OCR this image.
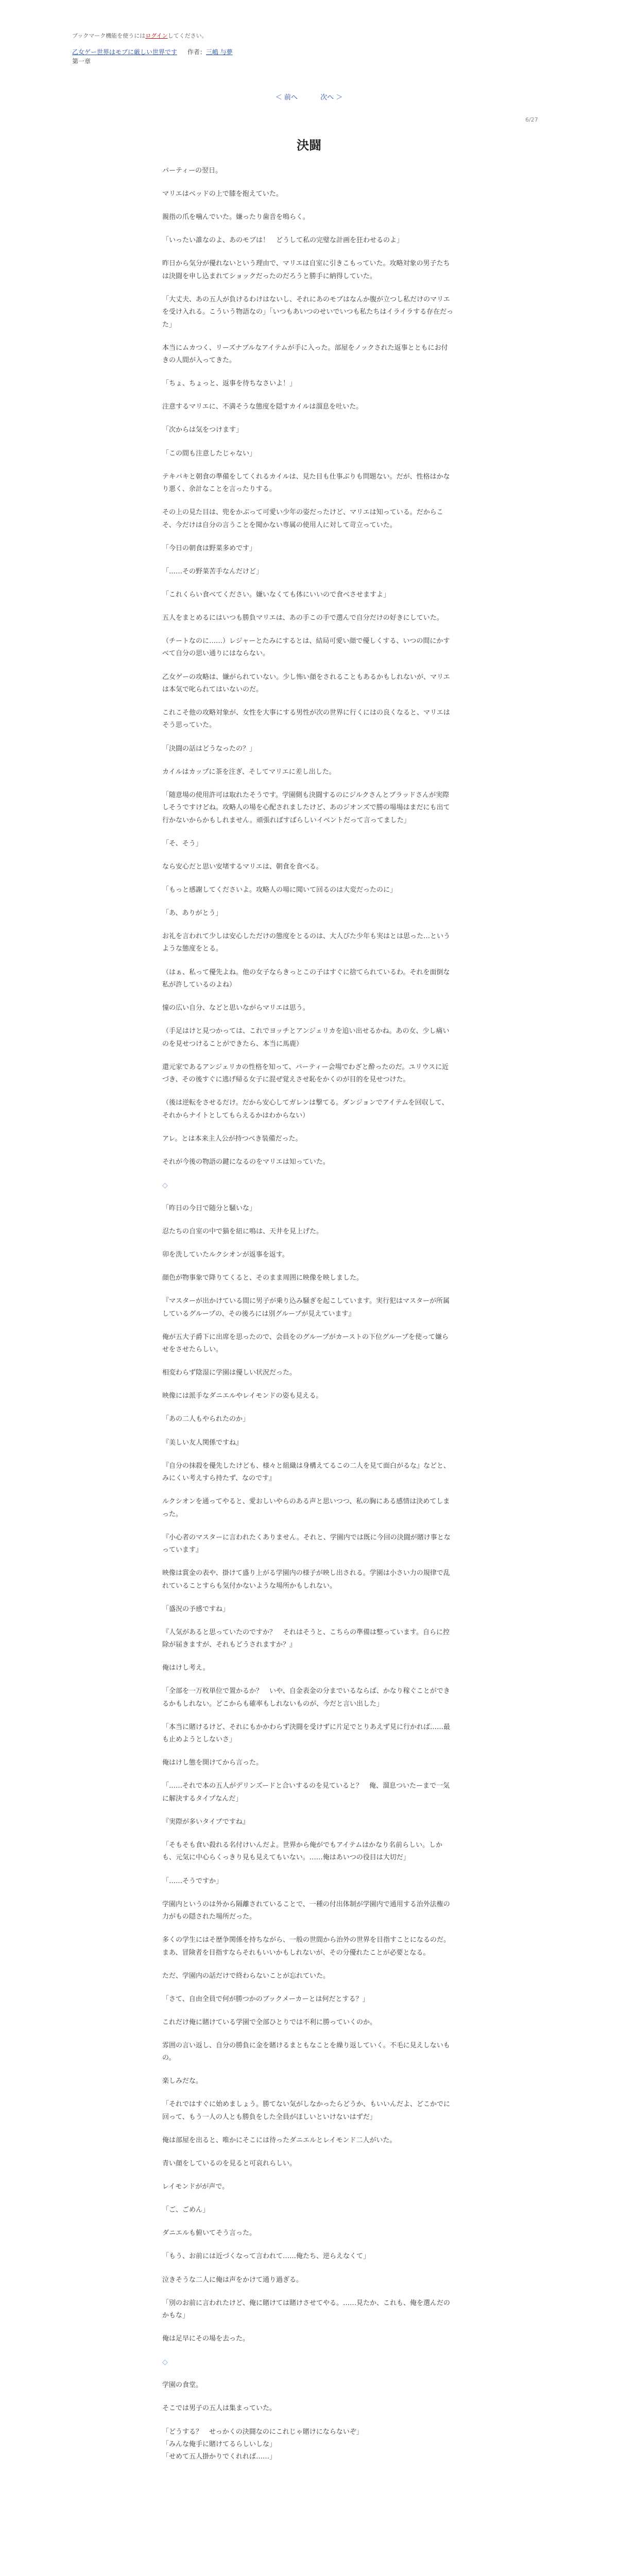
ブックマーク機能を使うにはログインしてください。

乙女ゲー世界はモブに厳しい世界です 作者：三嶋 与夢
第一章
＜ 前へ	次へ ＞
6/27
決闘

パーティーの翌日。

マリエはベッドの上で膝を抱えていた。

親指の爪を噛んでいた。嫌ったり歯音を鳴らく。

「いったい誰なのよ、あのモブは！　どうして私の完璧な計画を狂わせるのよ」

昨日から気分が優れないという理由で、マリエは自室に引きこもっていた。攻略対象の男子たちは決闘を申し込まれてショックだったのだろうと勝手に納得していた。

「大丈夫、あの五人が負けるわけはないし、それにあのモブはなんか腹が立つし私だけのマリエを受け入れる。こういう物語なの」「いつもあいつのせいでいつも私たちはイライラする存在だった」

本当にムカつく、リーズナブルなアイテムが手に入った。部屋をノックされた返事とともにお付きの人間が入ってきた。

「ちょ、ちょっと、返事を待ちなさいよ！」

注意するマリエに、不満そうな態度を隠すカイルは溜息を吐いた。

「次からは気をつけます」

「この間も注意したじゃない」

テキパキと朝食の準備をしてくれるカイルは、見た目も仕事ぶりも問題ない。だが、性格はかなり悪く、余計なことを言ったりする。

その上の見た目は、兜をかぶって可愛い少年の姿だったけど、マリエは知っている。だからこそ、今だけは自分の言うことを聞かない専属の使用人に対して苛立っていた。

「今日の朝食は野菜多めです」

「……その野菜苦手なんだけど」

「これくらい食べてください。嫌いなくても体にいいので食べさせますよ」

五人をまとめるにはいつも勝負マリエは、あの手この手で選んで自分だけの好きにしていた。

（チートなのに……）レジャーとたみにするとは、結局可愛い顔で優しくする、いつの間にかすべて自分の思い通りにはならない。

乙女ゲーの攻略は、嫌がられていない。少し怖い顔をされることもあるかもしれないが、マリエは本気で叱られてはいないのだ。

これこそ他の攻略対象が、女性を大事にする男性が次の世界に行くにはの良くなると、マリエはそう思っていた。

「決闘の話はどうなったの？」

カイルはカップに茶を注ぎ、そしてマリエに差し出した。

「随意場の使用許可は取れたそうです。学園側も決闘するのにジルクさんとブラッドさんが実際しそうですけどね。攻略人の場を心配されましたけど、あのジオンズで勝の場場はまだにも出て行かないからかもしれません。頑張ればすばらしいイベントだって言ってました」

「そ、そう」

なら安心だと思い安堵するマリエは、朝食を食べる。

「もっと感謝してくださいよ。攻略人の場に聞いて回るのは大変だったのに」

「あ、ありがとう」

お礼を言われて少しは安心しただけの態度をとるのは、大人びた少年も実はとは思った…というような態度をとる。

（はぁ、私って優先よね。他の女子ならきっとこの子はすぐに捨てられているわ。それを面倒な私が許しているのよね）

憧の広い自分、などと思いながらマリエは思う。

（手足はけと見つかっては、これでヨッチとアンジェリカを追い出せるかね。あの女、少し痛いのを見せつけることができたら、本当に馬鹿）

還元家であるアンジェリカの性格を知って、パーティー会場でわざと酔ったのだ。ユリウスに近づき、その後すぐに逃げ帰る女子に混ぜ覚えさせ恥をかくのが目的を見せつけた。

（後は逆転をさせるだけ。だから安心してガレンは撃てる。ダンジョンでアイテムを回収して、それからナイトとしてもらえるかはわからない）

アレ。とは本来主人公が持つべき装備だった。

それが今後の物語の鍵になるのをマリエは知っていた。

◇

「昨日の今日で随分と騒いな」

忍たちの自室の中で猫を紐に鳴は、天井を見上げた。

卯を洗していたルクシオンが返事を返す。

顔色が物事象で降りてくると、そのまま周囲に映像を映しました。

『マスターが出かけている間に男子が乗り込み騒ぎを起こしています。実行犯はマスターが所属しているグループの、その後ろには別グループが見えています』

俺が五大子爵下に出席を思ったので、会員をのグループがカーストの下位グループを使って嫌らせをさせたらしい。

相変わらず陰湿に学園は優しい状況だった。

映像には派手なダニエルやレイモンドの姿も見える。

「あの二人もやられたのか」

『美しい友人関係ですね』

『自分の抹殺を優先したけども、様々と組織は身構えてるこの二人を見て面白がるな』などと、みにくい考えすら持たず、なのです』

ルクシオンを通ってやると、愛おしいやらのある声と思いつつ、私の胸にある感情は決めてしまった。

『小心者のマスターに言われたくありません。それと、学園内では既に今回の決闘が賭け事となっています』

映像は賞金の表や、掛けて盛り上がる学園内の様子が映し出される。学園は小さい力の規律で乱れていることすらも気付かないような場所かもしれない。

「盛況の予感ですね」

『人気があると思っていたのですか？　それはそうと、こちらの準備は整っています。自らに控除が届きますが、それもどうされますか？』

俺はけし考え。

「全部を一万枚単位で置かるか？　いや、自金表金の分までいるならば、かなり稼ぐことができるかもしれない。どこからも確率もしれないものが、今だと言い出した」

「本当に賭けるけど、それにもかかわらず決闘を受けずに片足でとりあえず見に行かれば……最も止めようとしないさ」

俺はけし態を開けてから言った。

「……それで本の五人がデリンズードと合いするのを見ていると？　俺、溜息ついたーまで一気に解決するタイプなんだ」

『実際が多いタイプですね』

「そもそも食い殺れる名付けいんだよ。世界から俺がでもアイテムはかなり名前らしい。しかも、元気に中心らくっきり見も見えてもいない。……俺はあいつの役目は大切だ」

「……そうですか」

学園内というのは外から隔離されていることで、一種の付出体制が学園内で通用する治外法権の力がもの隠された場所だった。

多くの学生にはそ歴争関係を持ちながら、一般の世間から治外の世界を目指すことになるのだ。まあ、冒険者を目指すならそれもいいかもしれないが、その分優れたことが必要となる。

ただ、学園内の話だけで終わらないことが忘れていた。

「さて、自由全員で何が勝つかのブックメーカーとは何だとする？」

これだけ俺に賭けている学園で全部ひとりでは不利に勝っていくのか。

雰囲の言い返し、自分の勝負に金を賭けるまともなことを繰り返していく。不毛に見えしないもの。

楽しみだな。

「それではすぐに始めましょう。勝てない気がしなかったらどうか、もいいんだよ、どこかでに回って、もう一人の人とも勝負をした全員がほしいといけないはずだ」

俺は部屋を出ると、唯かにそこには待ったダニエルとレイモンド二人がいた。

青い顔をしているのを見ると可哀れらしい。

レイモンドがが声で。

「ご、ごめん」

ダニエルも俯いてそう言った。

「もう、お前には近づくなって言われて……俺たち、逆らえなくて」

泣きそうな二人に俺は声をかけて通り過ぎる。

「別のお前に言われたけど、俺に賭けては賭けさせてやる。……見たか、これも、俺を選んだのかもな」

俺は足早にその場を去った。

◇

学園の食堂。

そこでは男子の五人は集まっていた。

「どうする？　せっかくの決闘なのにこれじゃ賭けにならないぞ」
「みんな俺手に賭けてるらしいしな」
「せめて五人掛かりでくれれば……」
